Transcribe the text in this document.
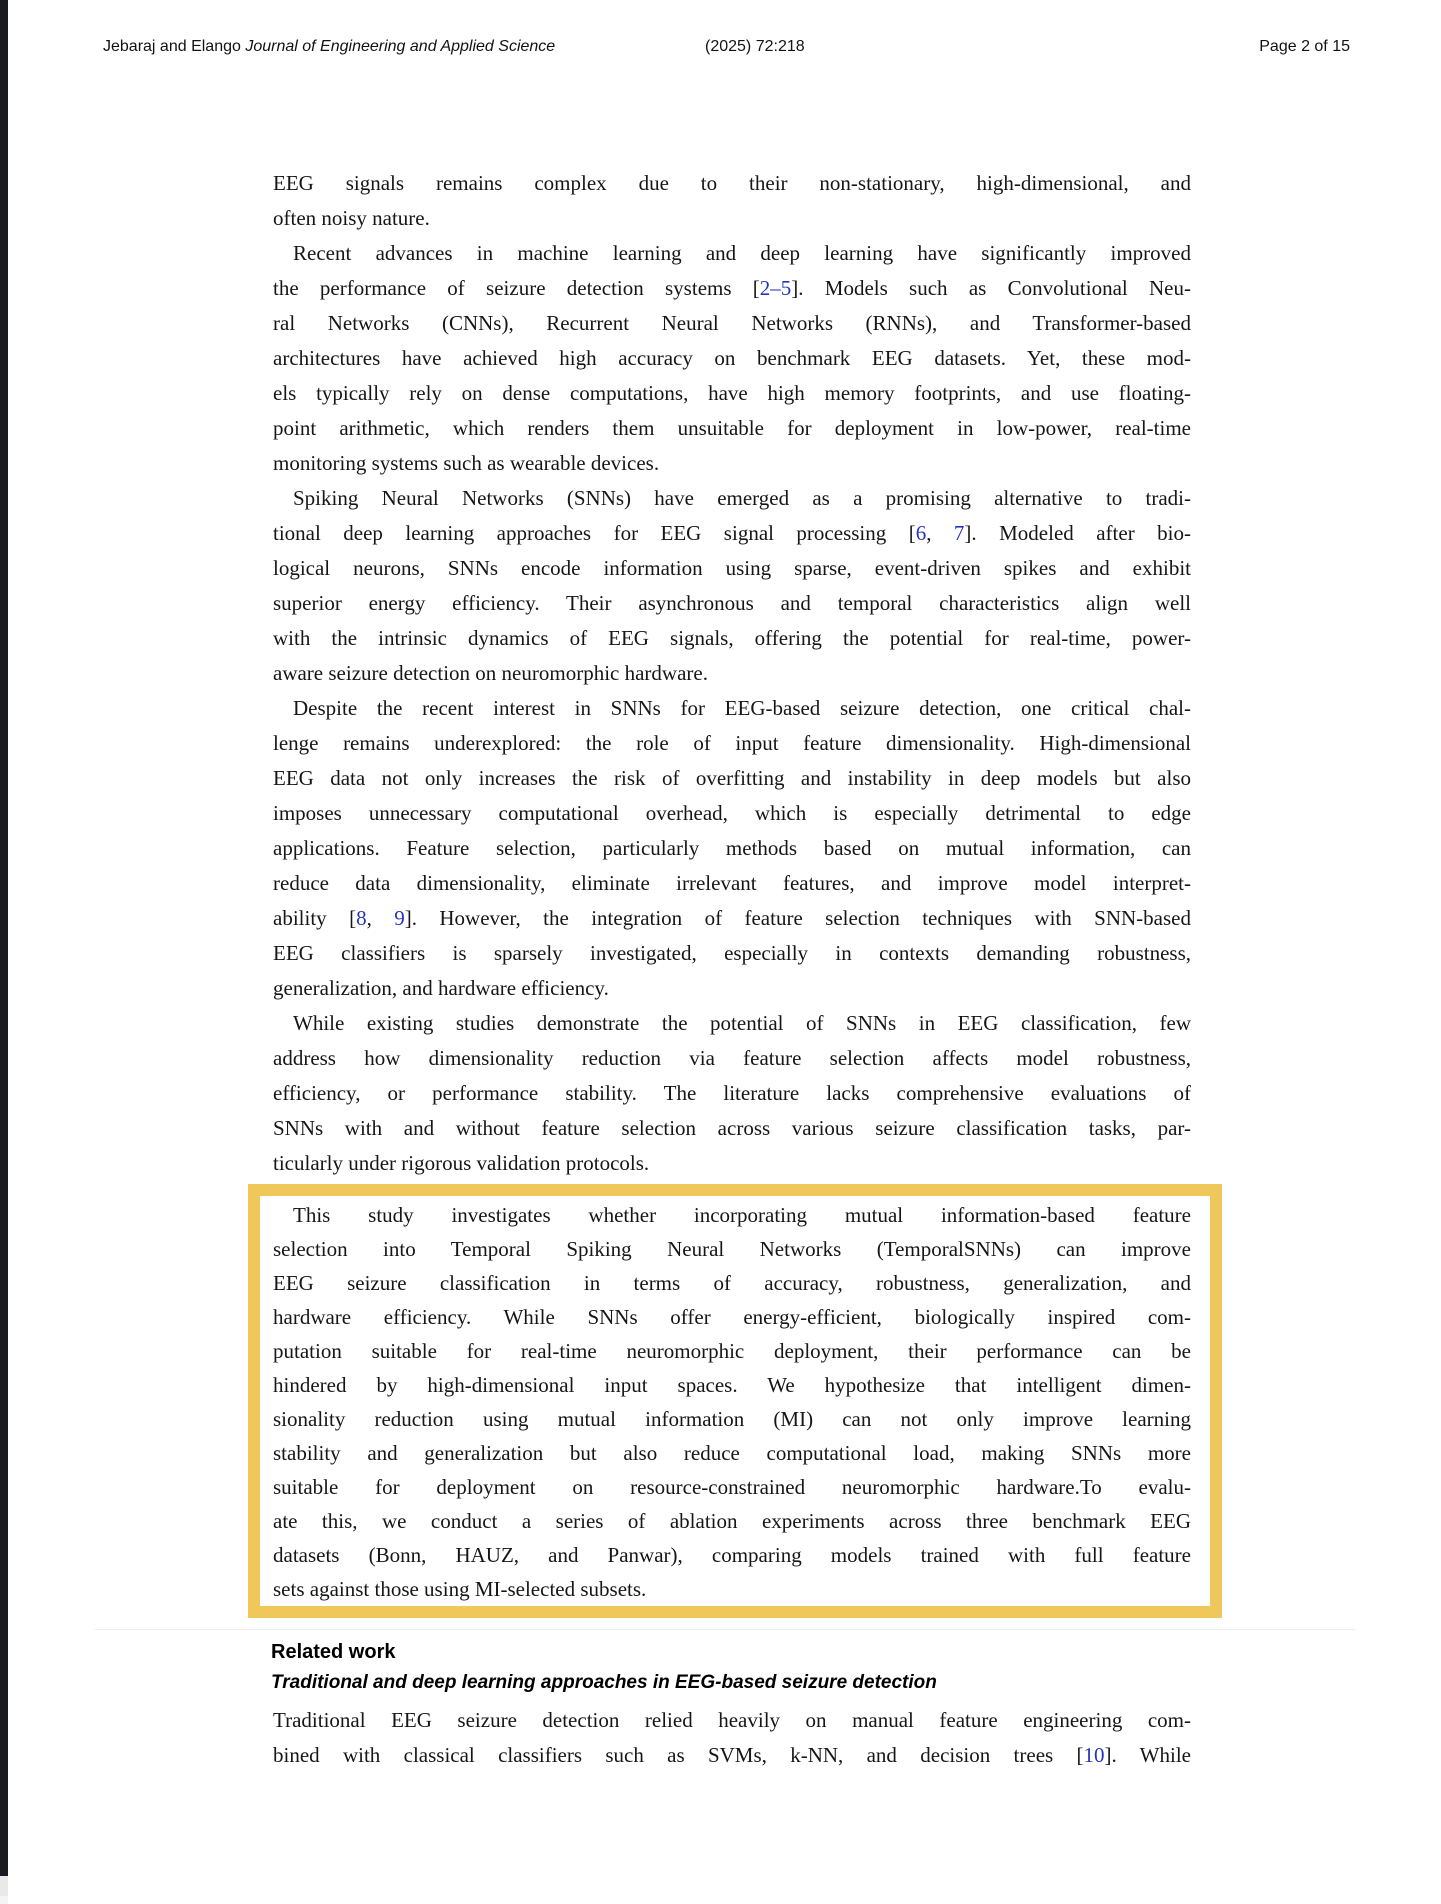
Jebaraj and Elango Journal of Engineering and Applied Science	(2025) 72:218	Page 2 of 15
EEG signals remains complex due to their non-stationary, high-dimensional, and
often noisy nature.
Recent advances in machine learning and deep learning have significantly improved
the performance of seizure detection systems [2–5]. Models such as Convolutional Neu-
ral Networks (CNNs), Recurrent Neural Networks (RNNs), and Transformer-based
architectures have achieved high accuracy on benchmark EEG datasets. Yet, these mod-
els typically rely on dense computations, have high memory footprints, and use floating-
point arithmetic, which renders them unsuitable for deployment in low-power, real-time
monitoring systems such as wearable devices.
Spiking Neural Networks (SNNs) have emerged as a promising alternative to tradi-
tional deep learning approaches for EEG signal processing [6, 7]. Modeled after bio-
logical neurons, SNNs encode information using sparse, event-driven spikes and exhibit
superior energy efficiency. Their asynchronous and temporal characteristics align well
with the intrinsic dynamics of EEG signals, offering the potential for real-time, power-
aware seizure detection on neuromorphic hardware.
Despite the recent interest in SNNs for EEG-based seizure detection, one critical chal-
lenge remains underexplored: the role of input feature dimensionality. High-dimensional
EEG data not only increases the risk of overfitting and instability in deep models but also
imposes unnecessary computational overhead, which is especially detrimental to edge
applications. Feature selection, particularly methods based on mutual information, can
reduce data dimensionality, eliminate irrelevant features, and improve model interpret-
ability [8, 9]. However, the integration of feature selection techniques with SNN-based
EEG classifiers is sparsely investigated, especially in contexts demanding robustness,
generalization, and hardware efficiency.
While existing studies demonstrate the potential of SNNs in EEG classification, few
address how dimensionality reduction via feature selection affects model robustness,
efficiency, or performance stability. The literature lacks comprehensive evaluations of
SNNs with and without feature selection across various seizure classification tasks, par-
ticularly under rigorous validation protocols.
This study investigates whether incorporating mutual information-based feature
selection into Temporal Spiking Neural Networks (TemporalSNNs) can improve
EEG seizure classification in terms of accuracy, robustness, generalization, and
hardware efficiency. While SNNs offer energy-efficient, biologically inspired com-
putation suitable for real-time neuromorphic deployment, their performance can be
hindered by high-dimensional input spaces. We hypothesize that intelligent dimen-
sionality reduction using mutual information (MI) can not only improve learning
stability and generalization but also reduce computational load, making SNNs more
suitable for deployment on resource-constrained neuromorphic hardware.To evalu-
ate this, we conduct a series of ablation experiments across three benchmark EEG
datasets (Bonn, HAUZ, and Panwar), comparing models trained with full feature
sets against those using MI-selected subsets.
Related work
Traditional and deep learning approaches in EEG-based seizure detection
Traditional EEG seizure detection relied heavily on manual feature engineering com-
bined with classical classifiers such as SVMs, k-NN, and decision trees [10]. While
